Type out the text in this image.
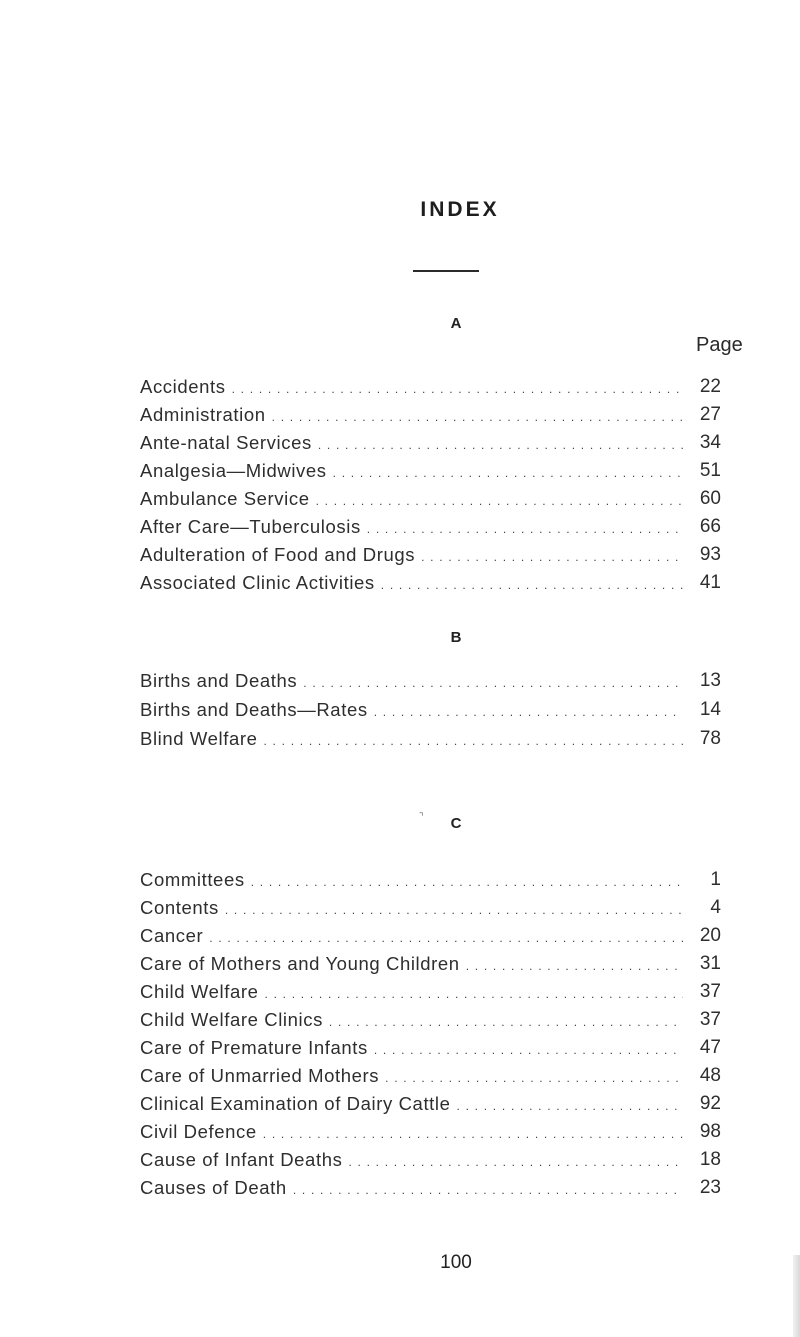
INDEX
A
Page
Accidents . . .	22
Administration . . .	27
Ante-natal Services . . .	34
Analgesia—Midwives . . .	51
Ambulance Service . . .	60
After Care—Tuberculosis . . .	66
Adulteration of Food and Drugs . . .	93
Associated Clinic Activities . . .	41
B
Births and Deaths . . .	13
Births and Deaths—Rates . . .	14
Blind Welfare . . .	78
⌝	C
Committees . . .	1
Contents . . .	4
Cancer . . .	20
Care of Mothers and Young Children . . .	31
Child Welfare . . .	37
Child Welfare Clinics . . .	37
Care of Premature Infants . . .	47
Care of Unmarried Mothers . . .	48
Clinical Examination of Dairy Cattle . . .	92
Civil Defence . . .	98
Cause of Infant Deaths . . .	18
Causes of Death . . .	23
100
